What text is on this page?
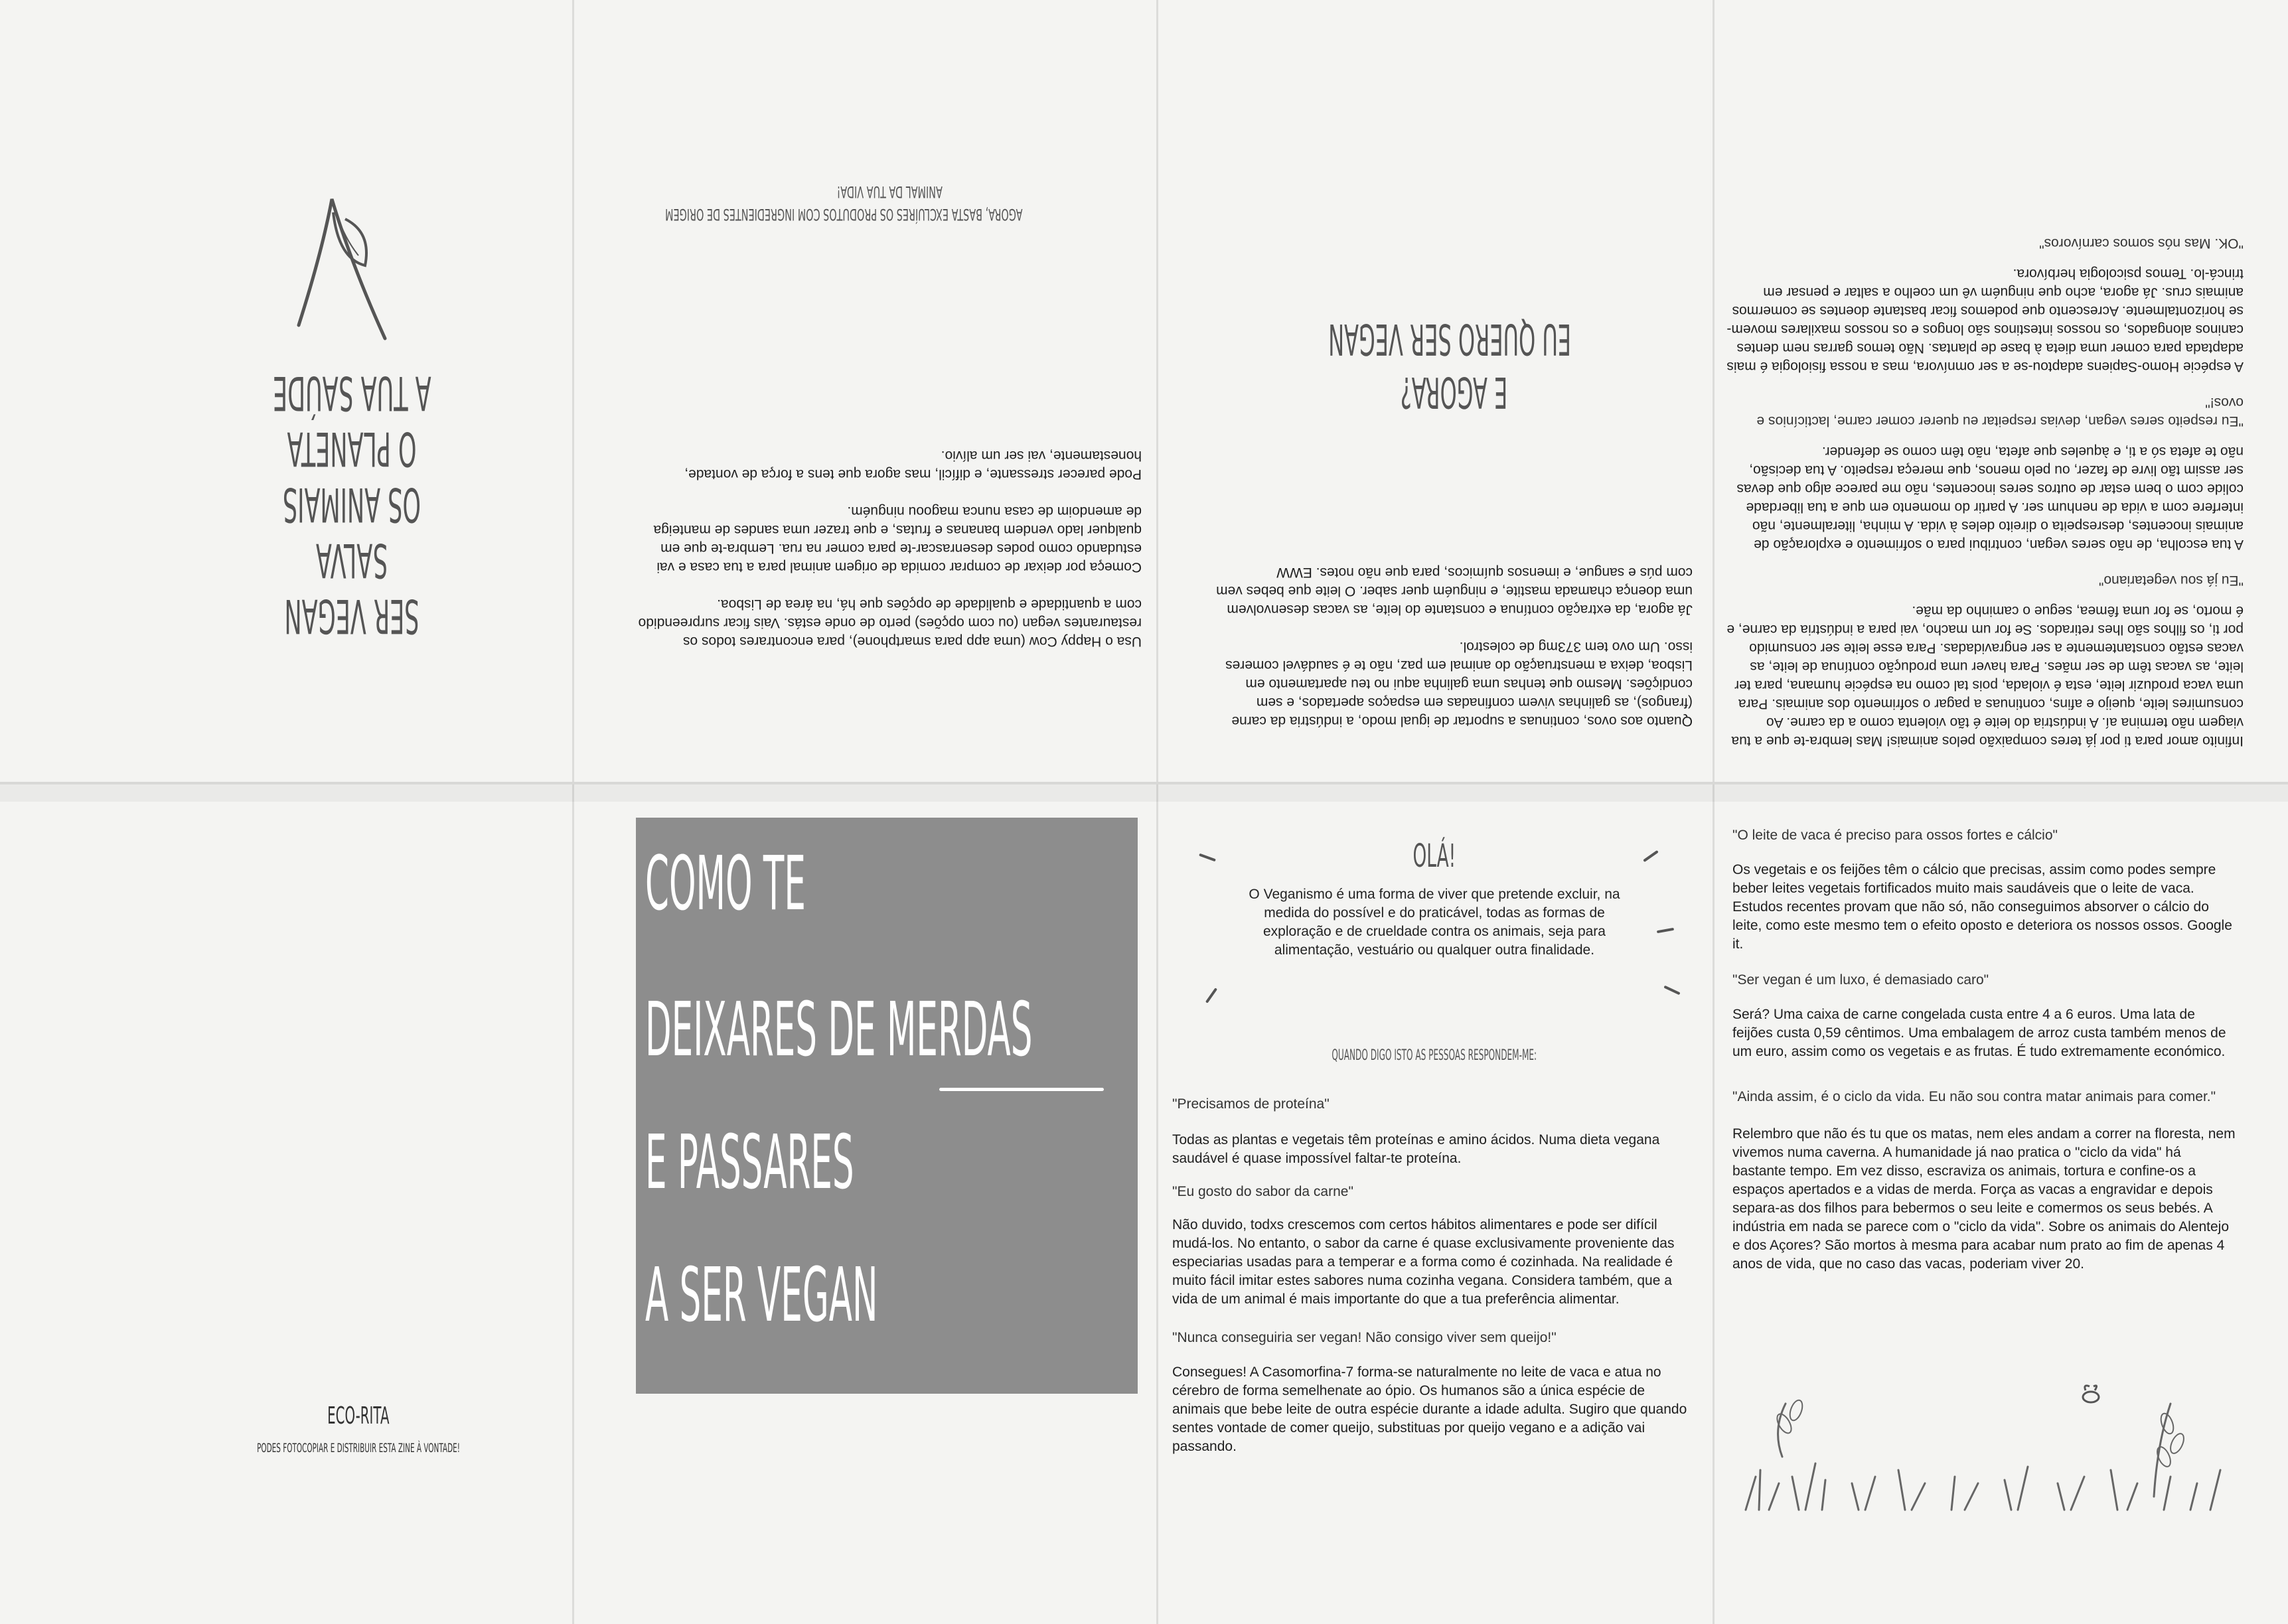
SER VEGAN SALVA
OS ANIMAIS
O PLANETA
A TUA SAÚDE

Usa o Happy Cow (uma app para smartphone), para encontrares todos os restaurantes vegan (ou com opções) perto de onde estás. Vais ficar surpreendido com a quantidade e qualidade de opções que há, na área de Lisboa.

Começa por deixar de comprar comida de origem animal para a tua casa e vai estudando como podes desenrascar-te para comer na rua. Lembra-te que em qualquer lado vendem bananas e frutas, e que trazer uma sandes de manteiga de amendoim de casa nunca magoou ninguém.

Pode parecer stressante, e difícil, mas agora que tens a força de vontade, honestamente, vai ser um alívio.

AGORA, BASTA EXCLUÍRES OS PRODUTOS COM INGREDIENTES DE ORIGEM
ANIMAL DA TUA VIDA!

Quanto aos ovos, continuas a suportar de igual modo, a indústria da carne (frangos), as galinhas vivem confinadas em espaços apertados, e sem condições. Mesmo que tenhas uma galinha aqui no teu apartamento em Lisboa, deixa a menstruação do animal em paz, não te é saudável comeres isso. Um ovo tem 373mg de colestrol.

Já agora, da extração contínua e constante do leite, as vacas desenvolvem uma doença chamada mastite, e ninguém quer saber. O leite que bebes vem com pús e sangue, e imensos químicos, para que não notes. EWW

E AGORA?
EU QUERO SER VEGAN

Infinito amor para ti por já teres compaixão pelos animais! Mas lembra-te que a tua viagem não termina aí. A indústria do leite é tão violenta como a da carne. Ao consumires leite, queijo e afins, continuas a pagar o sofrimento dos animais. Para uma vaca produzir leite, esta é violada, pois tal como na espécie humana, para ter leite, as vacas têm de ser mães. Para haver uma produção contínua de leite, as vacas estão constantemente a ser engravidadas. Para esse leite ser consumido por ti, os filhos são lhes retirados. Se for um macho, vai para a indústria da carne, e é morto, se for uma fêmea, segue o caminho da mãe.

"Eu já sou vegetariano"

A tua escolha, de não seres vegan, contribui para o sofrimento e exploração de animais inocentes, desrespeita o direito deles à vida. A minha, literalmente, não interfere com a vida de nenhum ser. A partir do momento em que a tua liberdade colide com o bem estar de outros seres inocentes, não me parece algo que devas ser assim tão livre de fazer, ou pelo menos, que mereça respeito. A tua decisão, não te afeta só a ti, e àqueles que afeta, não têm como se defender.

"Eu respeito seres vegan, devias respeitar eu querer comer carne, lacticínios e ovos!"

A espécie Homo-Sapiens adaptou-se a ser omnívora, mas a nossa fisiologia é mais adaptada para comer uma dieta à base de plantas. Não temos garras nem dentes caninos alongados, os nossos intestinos são longos e os nossos maxilares movem-se horizontalmente. Acrescento que podemos ficar bastante doentes se comermos animais crus. Já agora, acho que ninguém vê um coelho a saltar e pensar em trincá-lo. Temos psicologia herbívora.

"OK. Mas nós somos carnívoros"

ECO-RITA
PODES FOTOCOPIAR E DISTRIBUIR ESTA ZINE À VONTADE!
COMO TE
DEIXARES DE MERDAS
E PASSARES
A SER VEGAN
OLÁ!
O Veganismo é uma forma de viver que pretende excluir, na medida do possível e do praticável, todas as formas de exploração e de crueldade contra os animais, seja para alimentação, vestuário ou qualquer outra finalidade.
QUANDO DIGO ISTO AS PESSOAS RESPONDEM-ME:

"Precisamos de proteína"

Todas as plantas e vegetais têm proteínas e amino ácidos. Numa dieta vegana saudável é quase impossível faltar-te proteína.

"Eu gosto do sabor da carne"

Não duvido, todxs crescemos com certos hábitos alimentares e pode ser difícil mudá-los. No entanto, o sabor da carne é quase exclusivamente proveniente das especiarias usadas para a temperar e a forma como é cozinhada. Na realidade é muito fácil imitar estes sabores numa cozinha vegana. Considera também, que a vida de um animal é mais importante do que a tua preferência alimentar.

"Nunca conseguiria ser vegan! Não consigo viver sem queijo!"

Consegues! A Casomorfina-7 forma-se naturalmente no leite de vaca e atua no cérebro de forma semelhenate ao ópio. Os humanos são a única espécie de animais que bebe leite de outra espécie durante a idade adulta. Sugiro que quando sentes vontade de comer queijo, substituas por queijo vegano e a adição vai passando.

"O leite de vaca é preciso para ossos fortes e cálcio"

Os vegetais e os feijões têm o cálcio que precisas, assim como podes sempre beber leites vegetais fortificados muito mais saudáveis que o leite de vaca. Estudos recentes provam que não só, não conseguimos absorver o cálcio do leite, como este mesmo tem o efeito oposto e deteriora os nossos ossos. Google it.

"Ser vegan é um luxo, é demasiado caro"

Será? Uma caixa de carne congelada custa entre 4 a 6 euros. Uma lata de feijões custa 0,59 cêntimos. Uma embalagem de arroz custa também menos de um euro, assim como os vegetais e as frutas. É tudo extremamente económico.

"Ainda assim, é o ciclo da vida. Eu não sou contra matar animais para comer."

Relembro que não és tu que os matas, nem eles andam a correr na floresta, nem vivemos numa caverna. A humanidade já nao pratica o "ciclo da vida" há bastante tempo. Em vez disso, escraviza os animais, tortura e confine-os a espaços apertados e a vidas de merda. Força as vacas a engravidar e depois separa-as dos filhos para bebermos o seu leite e comermos os seus bebés. A indústria em nada se parece com o "ciclo da vida". Sobre os animais do Alentejo e dos Açores? São mortos à mesma para acabar num prato ao fim de apenas 4 anos de vida, que no caso das vacas, poderiam viver 20.
